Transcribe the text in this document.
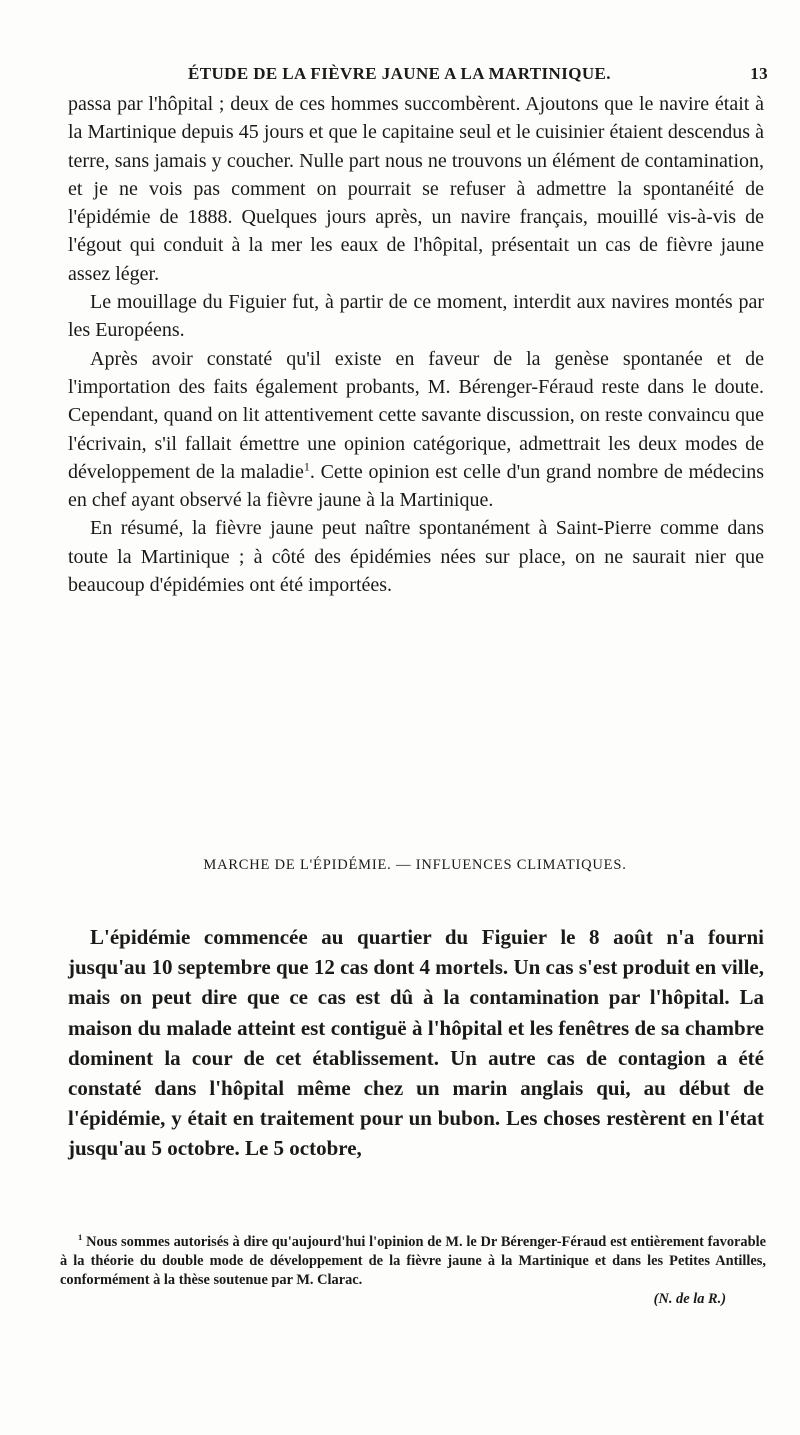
ÉTUDE DE LA FIÈVRE JAUNE A LA MARTINIQUE.	13

passa par l'hôpital ; deux de ces hommes succombèrent. Ajoutons que le navire était à la Martinique depuis 45 jours et que le capitaine seul et le cuisinier étaient descendus à terre, sans jamais y coucher. Nulle part nous ne trouvons un élément de contamination, et je ne vois pas comment on pourrait se refuser à admettre la spontanéité de l'épidémie de 1888. Quelques jours après, un navire français, mouillé vis-à-vis de l'égout qui conduit à la mer les eaux de l'hôpital, présentait un cas de fièvre jaune assez léger.

Le mouillage du Figuier fut, à partir de ce moment, interdit aux navires montés par les Européens.

Après avoir constaté qu'il existe en faveur de la genèse spontanée et de l'importation des faits également probants, M. Bérenger-Féraud reste dans le doute. Cependant, quand on lit attentivement cette savante discussion, on reste convaincu que l'écrivain, s'il fallait émettre une opinion catégorique, admettrait les deux modes de développement de la maladie$^1$. Cette opinion est celle d'un grand nombre de médecins en chef ayant observé la fièvre jaune à la Martinique.

En résumé, la fièvre jaune peut naître spontanément à Saint-Pierre comme dans toute la Martinique ; à côté des épidémies nées sur place, on ne saurait nier que beaucoup d'épidémies ont été importées.

MARCHE DE L'ÉPIDÉMIE. — INFLUENCES CLIMATIQUES.

L'épidémie commencée au quartier du Figuier le 8 août n'a fourni jusqu'au 10 septembre que 12 cas dont 4 mortels. Un cas s'est produit en ville, mais on peut dire que ce cas est dû à la contamination par l'hôpital. La maison du malade atteint est contiguë à l'hôpital et les fenêtres de sa chambre dominent la cour de cet établissement. Un autre cas de contagion a été constaté dans l'hôpital même chez un marin anglais qui, au début de l'épidémie, y était en traitement pour un bubon. Les choses restèrent en l'état jusqu'au 5 octobre. Le 5 octobre,

$^1$ Nous sommes autorisés à dire qu'aujourd'hui l'opinion de M. le Dr Bérenger-Féraud est entièrement favorable à la théorie du double mode de développement de la fièvre jaune à la Martinique et dans les Petites Antilles, conformément à la thèse soutenue par M. Clarac.

(N. de la R.)
